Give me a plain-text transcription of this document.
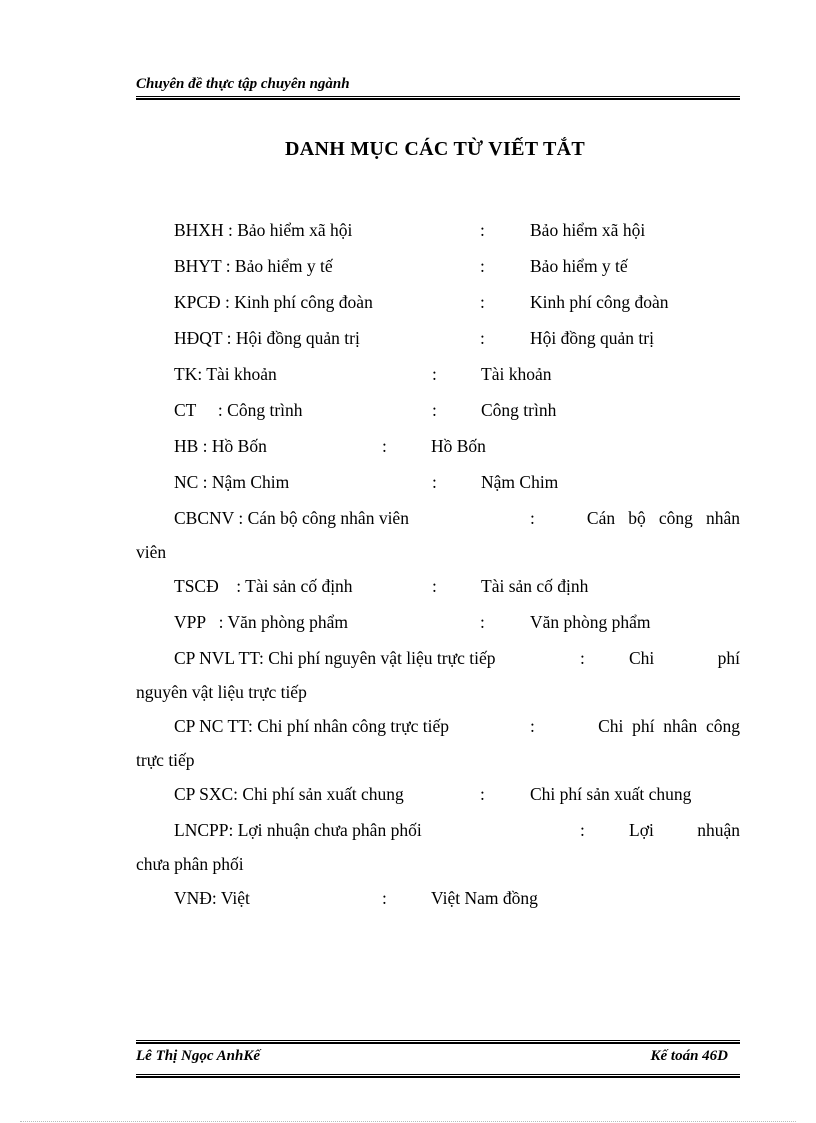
Chuyên đề thực tập chuyên ngành
DANH MỤC CÁC TỪ VIẾT TẮT
BHXH : Bảo hiểm xã hội	:	Bảo hiểm xã hội
BHYT : Bảo hiểm y tế	:	Bảo hiểm y tế
KPCĐ : Kinh phí công đoàn	:	Kinh phí công đoàn
HĐQT : Hội đồng quản trị	:	Hội đồng quản trị
TK: Tài khoản	:	Tài khoản
CT     : Công trình	:	Công trình
HB : Hồ Bốn	:	Hồ Bốn
NC : Nậm Chim	:	Nậm Chim
CBCNV : Cán bộ công nhân viên	:	Cán   bộ   công   nhân
viên
TSCĐ    : Tài sản cố định	:	Tài sản cố định
VPP   : Văn phòng phẩm	:	Văn phòng phẩm
CP NVL TT: Chi phí nguyên vật liệu trực tiếp	:	Chi	phí
nguyên vật liệu trực tiếp
CP NC TT: Chi phí nhân công trực tiếp	:	Chi  phí  nhân  công
trực tiếp
CP SXC: Chi phí sản xuất chung	:	Chi phí sản xuất chung
LNCPP: Lợi nhuận chưa phân phối	:	Lợi nhuận
chưa phân phối
VNĐ: Việt	:	Việt Nam đồng
Lê Thị Ngọc AnhKế	Kế toán 46D
